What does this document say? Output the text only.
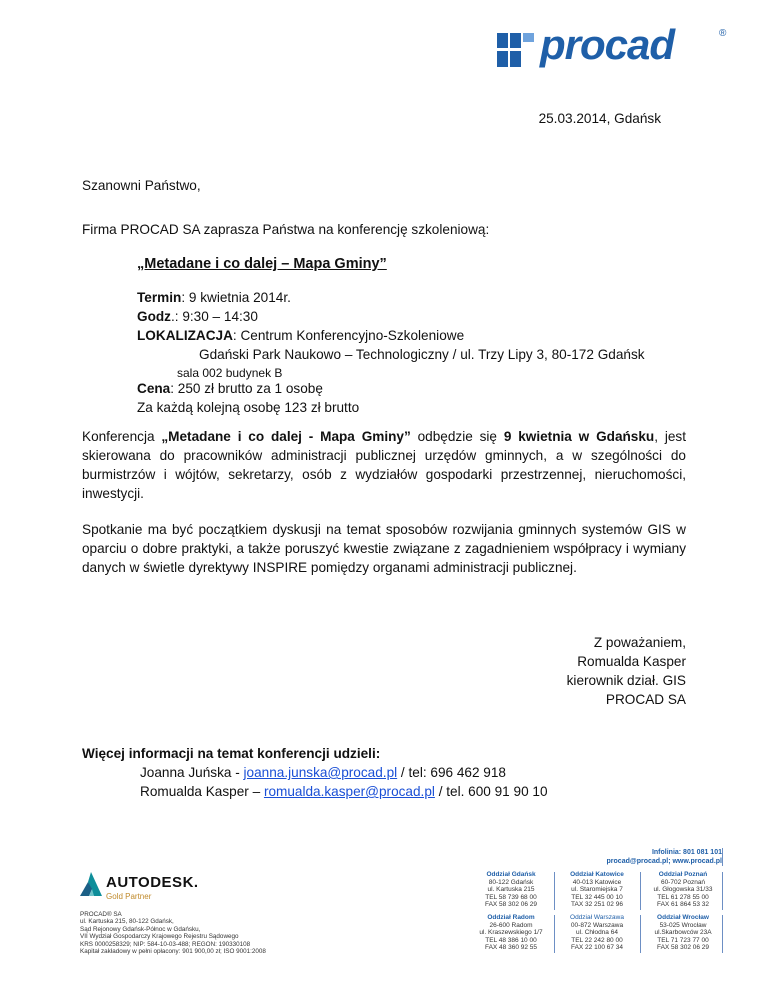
procad	®
25.03.2014, Gdańsk
Szanowni Państwo,
Firma PROCAD SA zaprasza Państwa na konferencję szkoleniową:
„Metadane i co dalej – Mapa Gminy”
Termin: 9 kwietnia 2014r.
Godz.: 9:30 – 14:30
LOKALIZACJA: Centrum Konferencyjno-Szkoleniowe
Gdański Park Naukowo – Technologiczny / ul. Trzy Lipy 3, 80-172 Gdańsk
sala 002 budynek B
Cena: 250 zł brutto za 1 osobę
Za każdą kolejną osobę 123 zł brutto
Konferencja „Metadane i co dalej - Mapa Gminy” odbędzie się 9 kwietnia w Gdańsku, jest skierowana do pracowników administracji publicznej urzędów gminnych, a w szególności do burmistrzów i wójtów, sekretarzy, osób z wydziałów gospodarki przestrzennej, nieruchomości, inwestycji.
Spotkanie ma być początkiem dyskusji na temat sposobów rozwijania gminnych systemów GIS w oparciu o dobre praktyki, a także poruszyć kwestie związane z zagadnieniem współpracy i wymiany danych w świetle dyrektywy INSPIRE pomiędzy organami administracji publicznej.
Z poważaniem,
Romualda Kasper
kierownik dział. GIS
PROCAD SA
Więcej informacji na temat konferencji udzieli:
Joanna Juńska - joanna.junska@procad.pl / tel: 696 462 918
Romualda Kasper – romualda.kasper@procad.pl / tel. 600 91 90 10
Infolinia: 801 081 101
procad@procad.pl; www.procad.pl
AUTODESK.
Gold Partner
PROCAD® SA
ul. Kartuska 215, 80-122 Gdańsk,
Sąd Rejonowy Gdańsk-Północ w Gdańsku,
VII Wydział Gospodarczy Krajowego Rejestru Sądowego
KRS 0000258329; NIP: 584-10-03-488; REGON: 190330108
Kapitał zakładowy w pełni opłacony: 901 900,00 zł; ISO 9001:2008
Oddział Gdańsk
80-122 Gdańsk
ul. Kartuska 215
TEL 58 739 68 00
FAX 58 302 06 29
Oddział Katowice
40-013 Katowice
ul. Staromiejska 7
TEL 32 445 00 10
TAX 32 251 02 96
Oddział Poznań
60-702 Poznań
ul. Głogowska 31/33
TEL 61 278 55 00
FAX 61 864 53 32
Oddział Radom
26-600 Radom
ul. Kraszewskiego 1/7
TEL 48 386 10 00
FAX 48 360 92 55
Oddział Warszawa
00-872 Warszawa
ul. Chłodna 64
TEL 22 242 80 00
FAX 22 100 67 34
Oddział Wrocław
53-025 Wrocław
ul.Skarbowców 23A
TEL 71 723 77 00
FAX 58 302 06 29
